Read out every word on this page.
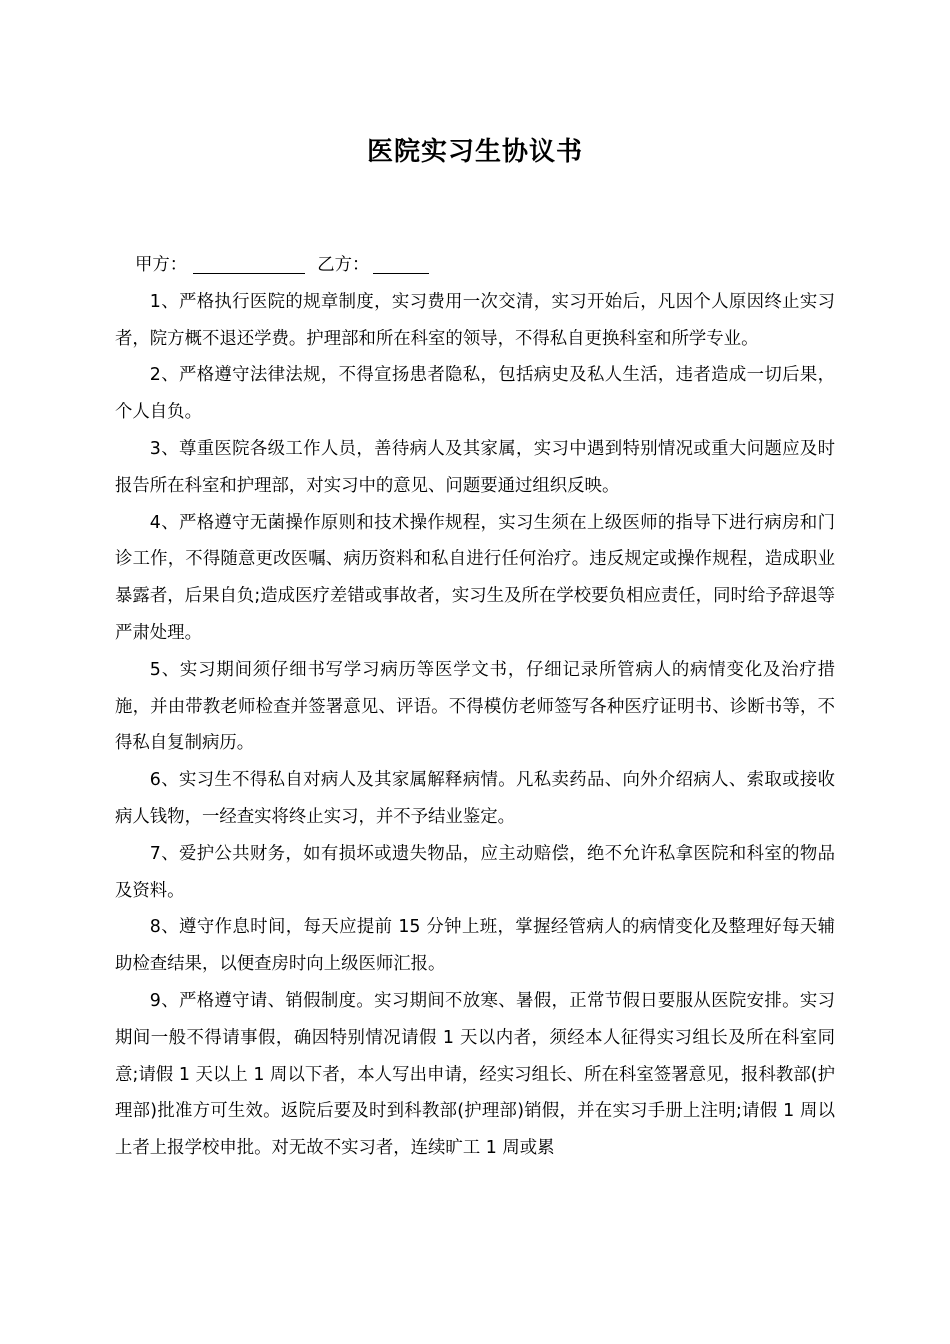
医院实习生协议书
甲方：	乙方：

1、严格执行医院的规章制度，实习费用一次交清，实习开始后，凡因个人原因终止实习者，院方概不退还学费。护理部和所在科室的领导，不得私自更换科室和所学专业。

2、严格遵守法律法规，不得宣扬患者隐私，包括病史及私人生活，违者造成一切后果，个人自负。

3、尊重医院各级工作人员，善待病人及其家属，实习中遇到特别情况或重大问题应及时报告所在科室和护理部，对实习中的意见、问题要通过组织反映。

4、严格遵守无菌操作原则和技术操作规程，实习生须在上级医师的指导下进行病房和门诊工作，不得随意更改医嘱、病历资料和私自进行任何治疗。违反规定或操作规程，造成职业暴露者，后果自负;造成医疗差错或事故者，实习生及所在学校要负相应责任，同时给予辞退等严肃处理。

5、实习期间须仔细书写学习病历等医学文书，仔细记录所管病人的病情变化及治疗措施，并由带教老师检查并签署意见、评语。不得模仿老师签写各种医疗证明书、诊断书等，不得私自复制病历。

6、实习生不得私自对病人及其家属解释病情。凡私卖药品、向外介绍病人、索取或接收病人钱物，一经查实将终止实习，并不予结业鉴定。

7、爱护公共财务，如有损坏或遗失物品，应主动赔偿，绝不允许私拿医院和科室的物品及资料。

8、遵守作息时间，每天应提前 15 分钟上班，掌握经管病人的病情变化及整理好每天辅助检查结果，以便查房时向上级医师汇报。

9、严格遵守请、销假制度。实习期间不放寒、暑假，正常节假日要服从医院安排。实习期间一般不得请事假，确因特别情况请假 1 天以内者，须经本人征得实习组长及所在科室同意;请假 1 天以上 1 周以下者，本人写出申请，经实习组长、所在科室签署意见，报科教部(护理部)批准方可生效。返院后要及时到科教部(护理部)销假，并在实习手册上注明;请假 1 周以上者上报学校申批。对无故不实习者，连续旷工 1 周或累
